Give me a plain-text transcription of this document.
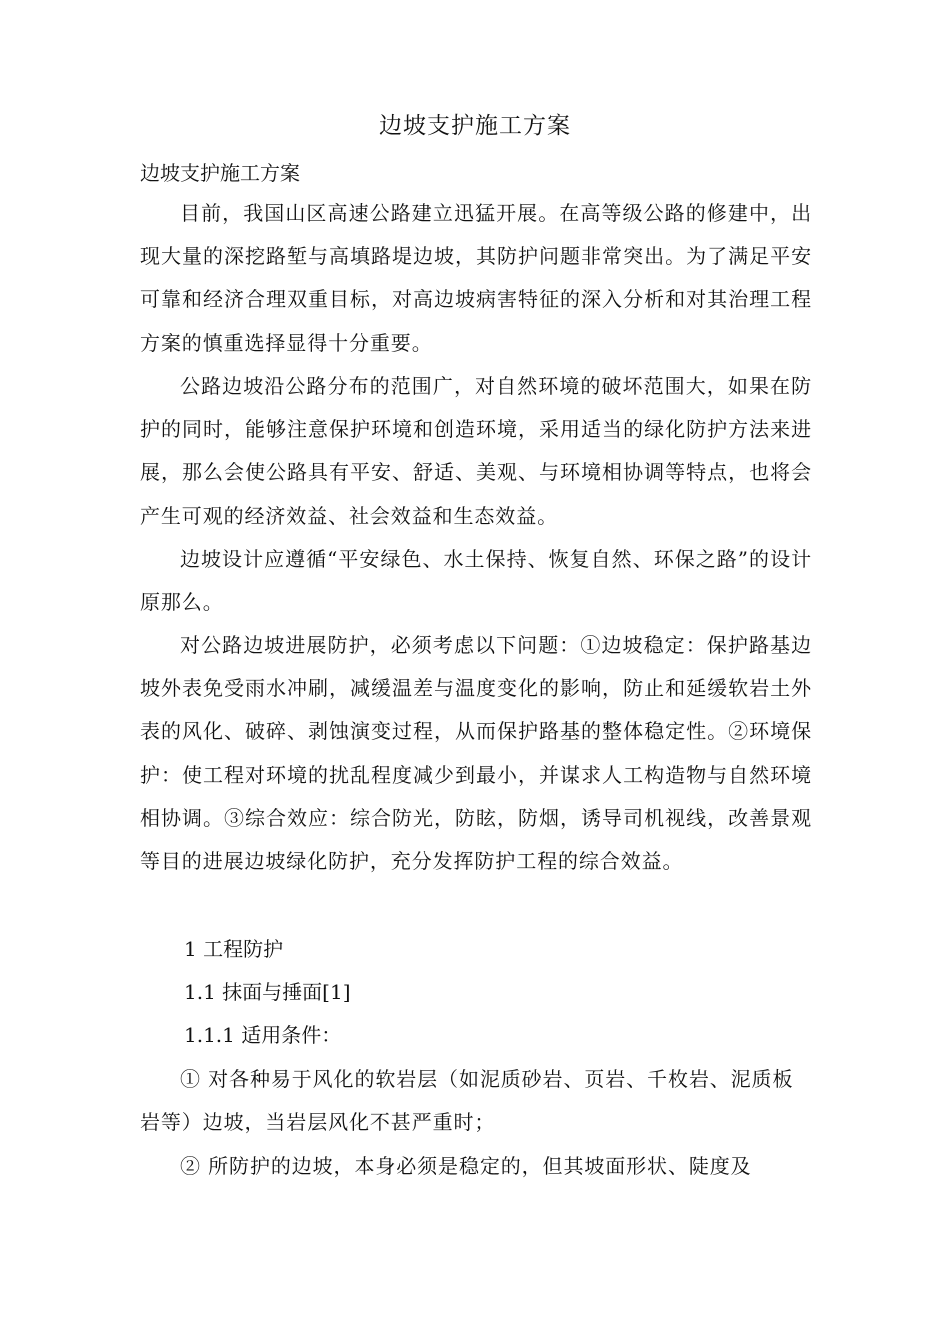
边坡支护施工方案
边坡支护施工方案

目前，我国山区高速公路建立迅猛开展。在高等级公路的修建中，出现大量的深挖路堑与高填路堤边坡，其防护问题非常突出。为了满足平安可靠和经济合理双重目标，对高边坡病害特征的深入分析和对其治理工程方案的慎重选择显得十分重要。

公路边坡沿公路分布的范围广，对自然环境的破坏范围大，如果在防护的同时，能够注意保护环境和创造环境，采用适当的绿化防护方法来进展，那么会使公路具有平安、舒适、美观、与环境相协调等特点，也将会产生可观的经济效益、社会效益和生态效益。

边坡设计应遵循“平安绿色、水土保持、恢复自然、环保之路”的设计原那么。

对公路边坡进展防护，必须考虑以下问题：①边坡稳定：保护路基边坡外表免受雨水冲刷，减缓温差与温度变化的影响，防止和延缓软岩土外表的风化、破碎、剥蚀演变过程，从而保护路基的整体稳定性。②环境保护：使工程对环境的扰乱程度减少到最小，并谋求人工构造物与自然环境相协调。③综合效应：综合防光，防眩，防烟，诱导司机视线，改善景观等目的进展边坡绿化防护，充分发挥防护工程的综合效益。

1 工程防护

1.1 抹面与捶面[1]

1.1.1 适用条件：

① 对各种易于风化的软岩层（如泥质砂岩、页岩、千枚岩、泥质板岩等）边坡，当岩层风化不甚严重时；

② 所防护的边坡，本身必须是稳定的，但其坡面形状、陡度及
